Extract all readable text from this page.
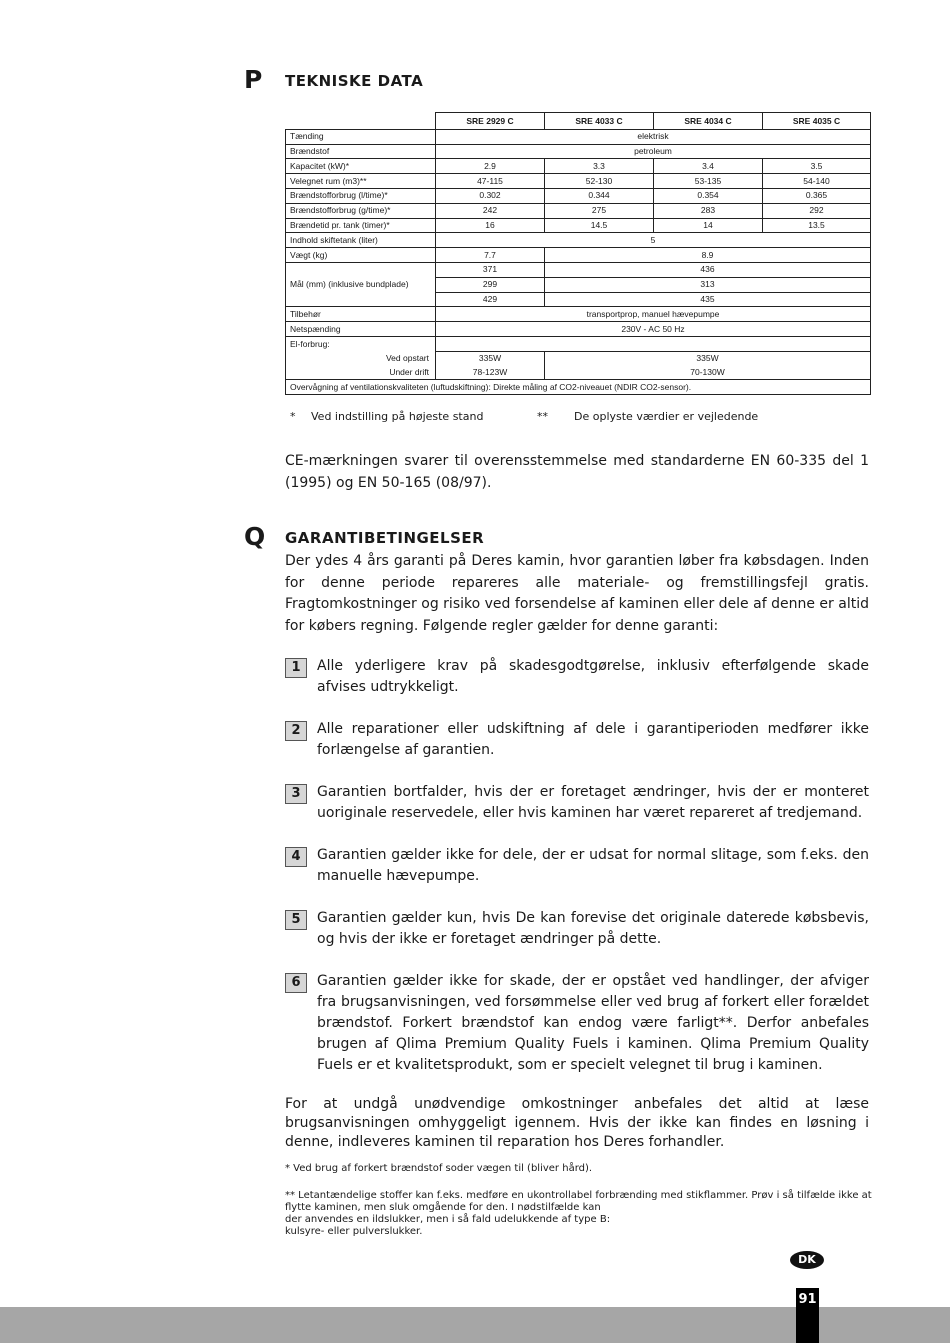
P TEKNISKE DATA
	SRE 2929 C	SRE 4033 C	SRE 4034 C	SRE 4035 C
Tænding	elektrisk			
Brændstof	petroleum			
Kapacitet (kW)*	2.9	3.3	3.4	3.5
Velegnet rum (m3)**	47-115	52-130	53-135	54-140
Brændstofforbrug (l/time)*	0.302	0.344	0.354	0.365
Brændstofforbrug (g/time)*	242	275	283	292
Brændetid pr. tank (timer)*	16	14.5	14	13.5
Indhold skiftetank (liter)	5			
Vægt (kg)	7.7	8.9		
Mål (mm) (inklusive bundplade)	371	436		
	299	313		
	429	435		
Tilbehør	transportprop, manuel hævepumpe			
Netspænding	230V - AC 50 Hz			
El-forbrug:				
Ved opstart	335W	335W		
Under drift	78-123W	70-130W		
Overvågning af ventilationskvaliteten (luftudskiftning): Direkte måling af CO2-niveauet (NDIR CO2-sensor).				
* Ved indstilling på højeste stand	** De oplyste værdier er vejledende
CE-mærkningen svarer til overensstemmelse med standarderne EN 60-335 del 1 (1995) og EN 50-165 (08/97).
Q GARANTIBETINGELSER
Der ydes 4 års garanti på Deres kamin, hvor garantien løber fra købsdagen. Inden for denne periode repareres alle materiale- og fremstillingsfejl gratis. Fragtomkostninger og risiko ved forsendelse af kaminen eller dele af denne er altid for købers regning. Følgende regler gælder for denne garanti:
1	Alle yderligere krav på skadesgodtgørelse, inklusiv efterfølgende skade afvises udtrykkeligt.
2	Alle reparationer eller udskiftning af dele i garantiperioden medfører ikke forlængelse af garantien.
3	Garantien bortfalder, hvis der er foretaget ændringer, hvis der er monteret uoriginale reservedele, eller hvis kaminen har været repareret af tredjemand.
4	Garantien gælder ikke for dele, der er udsat for normal slitage, som f.eks. den manuelle hævepumpe.
5	Garantien gælder kun, hvis De kan forevise det originale daterede købsbevis, og hvis der ikke er foretaget ændringer på dette.
6	Garantien gælder ikke for skade, der er opstået ved handlinger, der afviger fra brugsanvisningen, ved forsømmelse eller ved brug af forkert eller forældet brændstof. Forkert brændstof kan endog være farligt**. Derfor anbefales brugen af Qlima Premium Quality Fuels i kaminen. Qlima Premium Quality Fuels er et kvalitetsprodukt, som er specielt velegnet til brug i kaminen.
For at undgå unødvendige omkostninger anbefales det altid at læse brugsanvisningen omhyggeligt igennem. Hvis der ikke kan findes en løsning i denne, indleveres kaminen til reparation hos Deres forhandler.
* Ved brug af forkert brændstof soder vægen til (bliver hård).
** Letantændelige stoffer kan f.eks. medføre en ukontrollabel forbrænding med stikflammer. Prøv i så tilfælde ikke at flytte kaminen, men sluk omgående for den. I nødstilfælde kan
der anvendes en ildslukker, men i så fald udelukkende af type B:
kulsyre- eller pulverslukker.
DK
91
